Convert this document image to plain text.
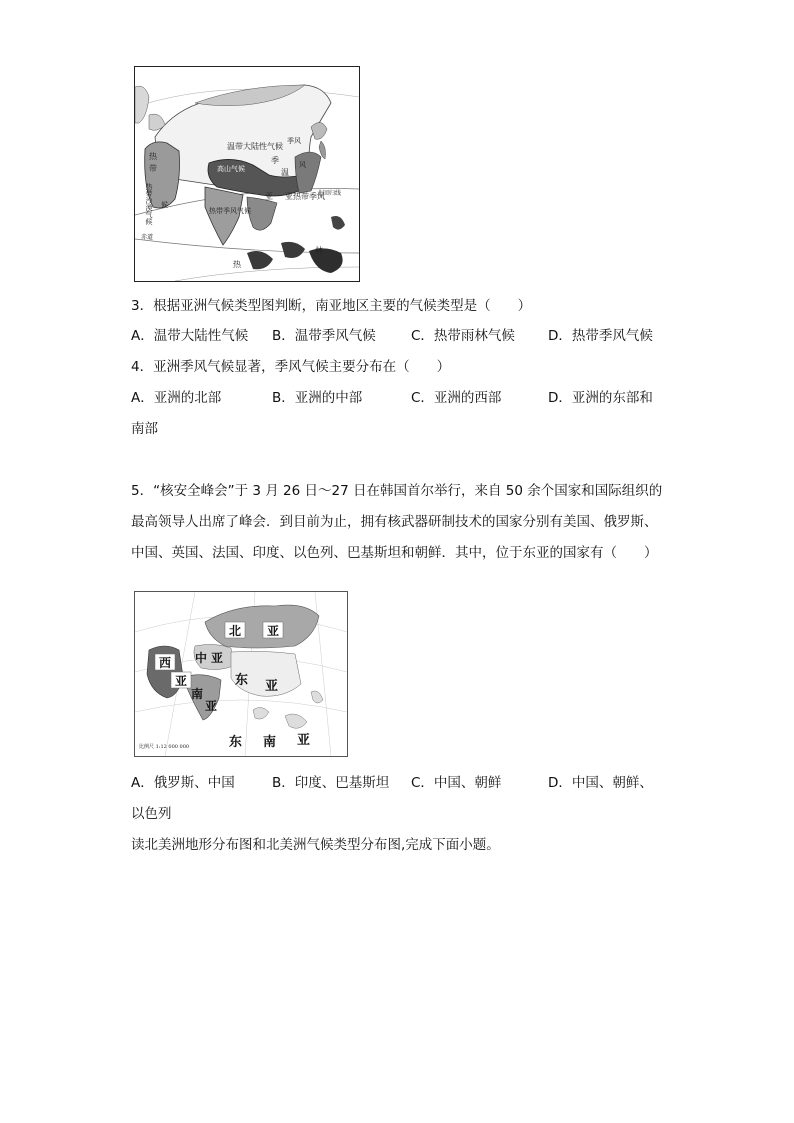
温带大陆性气候
热
带
热带沙漠气候 候
高山气候
季风
季
温
风
亚 亚热带季风
热带季风气候
北回归线
赤道
热
林
3．根据亚洲气候类型图判断，南亚地区主要的气候类型是（　　）
A．温带大陆性气候 B．温带季风气候	C．热带雨林气候 D．热带季风气候
4．亚洲季风气候显著，季风气候主要分布在（　　）
A．亚洲的北部	B．亚洲的中部	C．亚洲的西部	D．亚洲的东部和
南部
5．“核安全峰会”于 3 月 26 日～27 日在韩国首尔举行，来自 50 余个国家和国际组织的
最高领导人出席了峰会．到目前为止，拥有核武器研制技术的国家分别有美国、俄罗斯、
中国、英国、法国、印度、以色列、巴基斯坦和朝鲜．其中，位于东亚的国家有（　　）
北 亚
西
亚
中 亚
东 亚
南
亚
东 南 亚
比例尺 1:12 000 000
A．俄罗斯、中国	B．印度、巴基斯坦 C．中国、朝鲜	D．中国、朝鲜、
以色列
读北美洲地形分布图和北美洲气候类型分布图,完成下面小题。
